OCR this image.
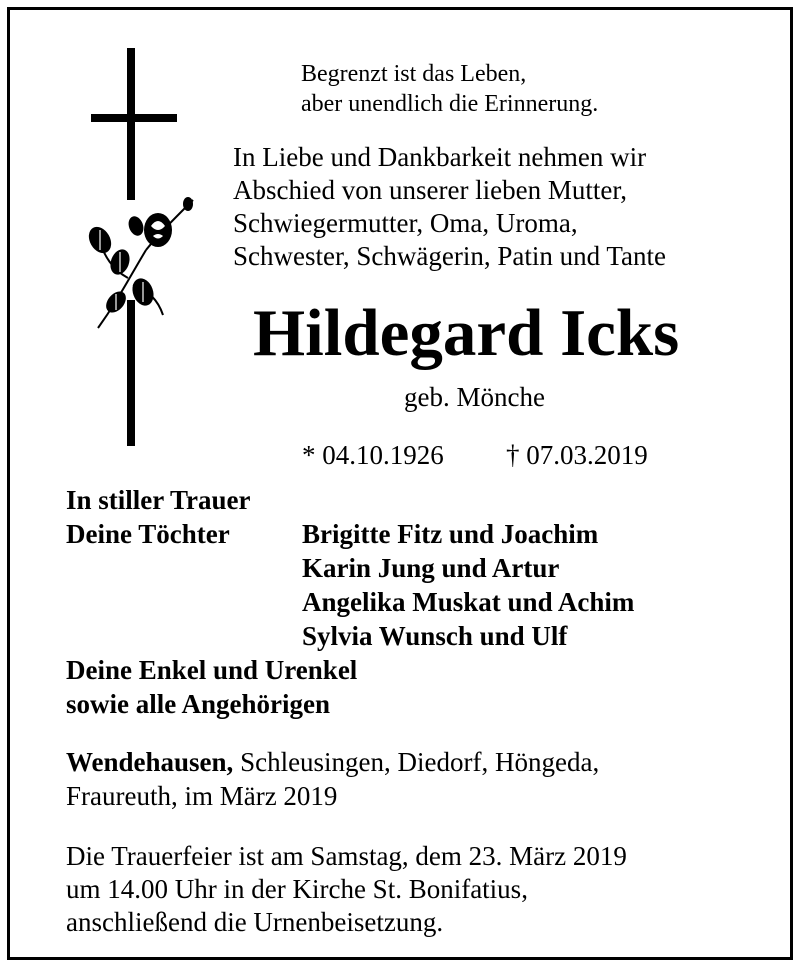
Begrenzt ist das Leben,
aber unendlich die Erinnerung.
In Liebe und Dankbarkeit nehmen wir
Abschied von unserer lieben Mutter,
Schwiegermutter, Oma, Uroma,
Schwester, Schwägerin, Patin und Tante
Hildegard Icks
geb. Mönche
* 04.10.1926 † 07.03.2019
In stiller Trauer
Deine Töchter	Brigitte Fitz und Joachim
Karin Jung und Artur
Angelika Muskat und Achim
Sylvia Wunsch und Ulf
Deine Enkel und Urenkel
sowie alle Angehörigen
Wendehausen, Schleusingen, Diedorf, Höngeda,
Fraureuth, im März 2019
Die Trauerfeier ist am Samstag, dem 23. März 2019
um 14.00 Uhr in der Kirche St. Bonifatius,
anschließend die Urnenbeisetzung.
